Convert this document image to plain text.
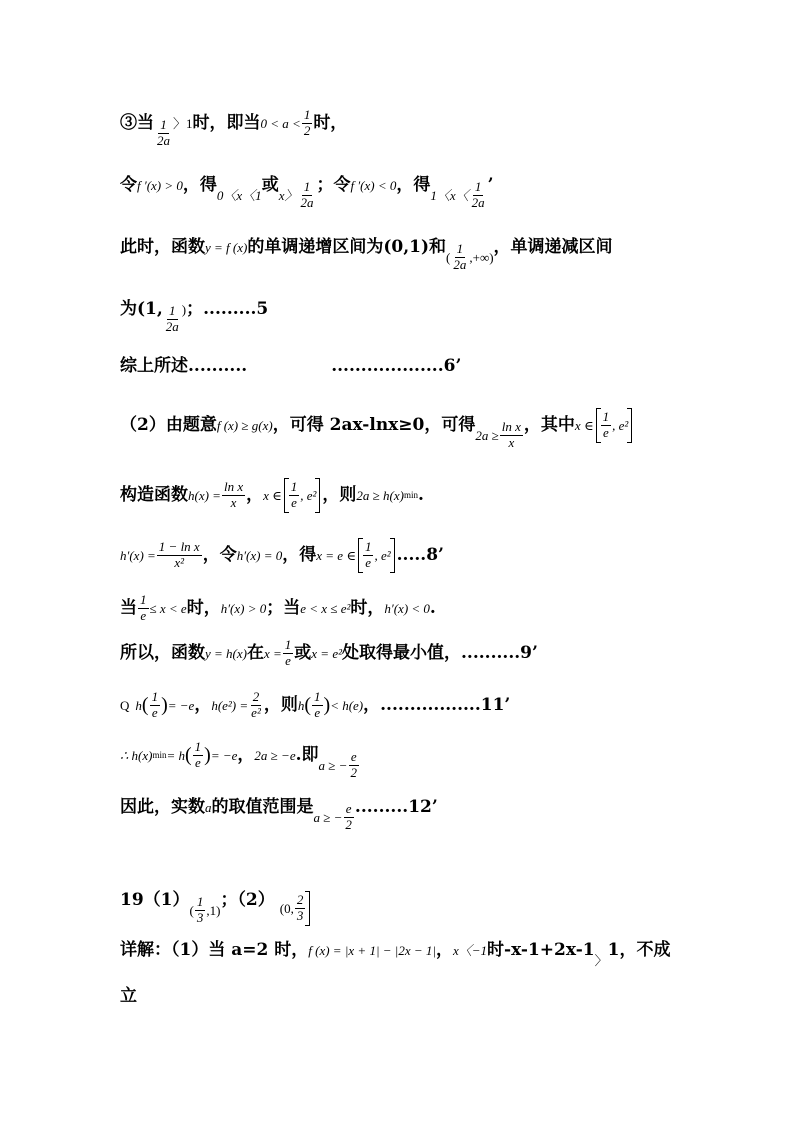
③当 $\frac{1}{2a}$ 〉1 时，即当 $0 < a < \frac{1}{2}$ 时，
令 f ′(x) > 0 ，得
0〈x〈1
或
x〉 $\frac{1}{2a}$ ；令 f ′(x) < 0 ，得
1〈x〈 $\frac{1}{2a}$ ’
此时，函数 y = f (x) 的单调递增区间为(0,1)和
( $\frac{1}{2a}$ ,+∞)
，单调递减区间
为(1, $\frac{1}{2a}$ ) ；.........5
综上所述..........	...................6’
（2）由题意 f (x) ≥ g(x) ，可得 2ax-lnx≥0，可得
$2a \ge \frac{\text{ln x}}{x}$ ，其中 x ∈ $\frac{1}{e}$ , e²
构造函数 $h(x) = \frac{\text{ln x}}{x}$ ， x ∈ $\frac{1}{e}$ , e² ，则 2a ≥ h(x) min .
$h'(x) = \frac{\text{1 − ln x}}{\text{x²}}$ ，令 h′(x) = 0 ，得 x = e ∈ $\frac{1}{e}$ , e² .....8’
当 $\frac{1}{e} \le x < e$ 时， h′(x) > 0 ；当 e < x ≤ e² 时， h′(x) < 0 .
所以，函数 y = h(x) 在 $x = \frac{1}{e}$ 或 x = e² 处取得最小值，..........9’
Q h ( $\frac{1}{e}$ ) = −e ， $h(e^2) = \frac{2}{\text{e²}}$ ，则 h ( $\frac{1}{e}$ ) < h(e) ，.................11’
∴ h(x) min = h ( $\frac{1}{e}$ ) = −e ， 2a ≥ −e .即
a ≥ − $\frac{e}{2}$
因此，实数 a 的取值范围是
a ≥ − $\frac{e}{2} .........12$’
19（1）
( $\frac{1}{3} ,1$)
；（2） (0, $\frac{2}{3}$
详解：（1）当 a=2 时， f (x) = |x + 1| − |2x − 1| ， x〈−1 时-x-1+2x-1
〉
1，不成
立
